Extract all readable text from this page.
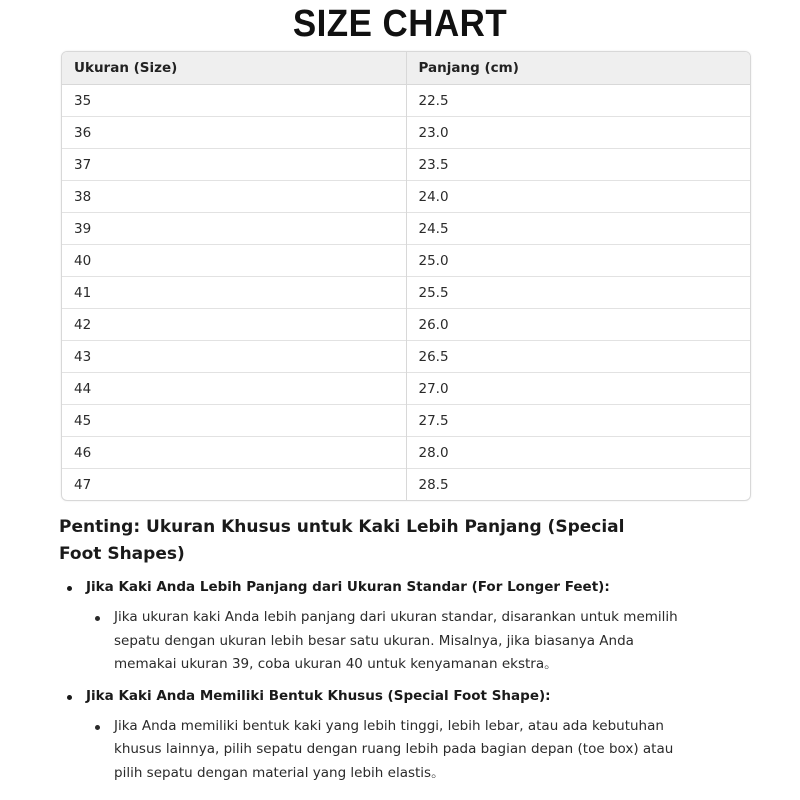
SIZE CHART
Ukuran (Size)	Panjang (cm)
35	22.5
36	23.0
37	23.5
38	24.0
39	24.5
40	25.0
41	25.5
42	26.0
43	26.5
44	27.0
45	27.5
46	28.0
47	28.5
Penting: Ukuran Khusus untuk Kaki Lebih Panjang (Special Foot Shapes)
Jika Kaki Anda Lebih Panjang dari Ukuran Standar (For Longer Feet):
Jika ukuran kaki Anda lebih panjang dari ukuran standar, disarankan untuk memilih sepatu dengan ukuran lebih besar satu ukuran. Misalnya, jika biasanya Anda memakai ukuran 39, coba ukuran 40 untuk kenyamanan ekstra。
Jika Kaki Anda Memiliki Bentuk Khusus (Special Foot Shape):
Jika Anda memiliki bentuk kaki yang lebih tinggi, lebih lebar, atau ada kebutuhan khusus lainnya, pilih sepatu dengan ruang lebih pada bagian depan (toe box) atau pilih sepatu dengan material yang lebih elastis。
